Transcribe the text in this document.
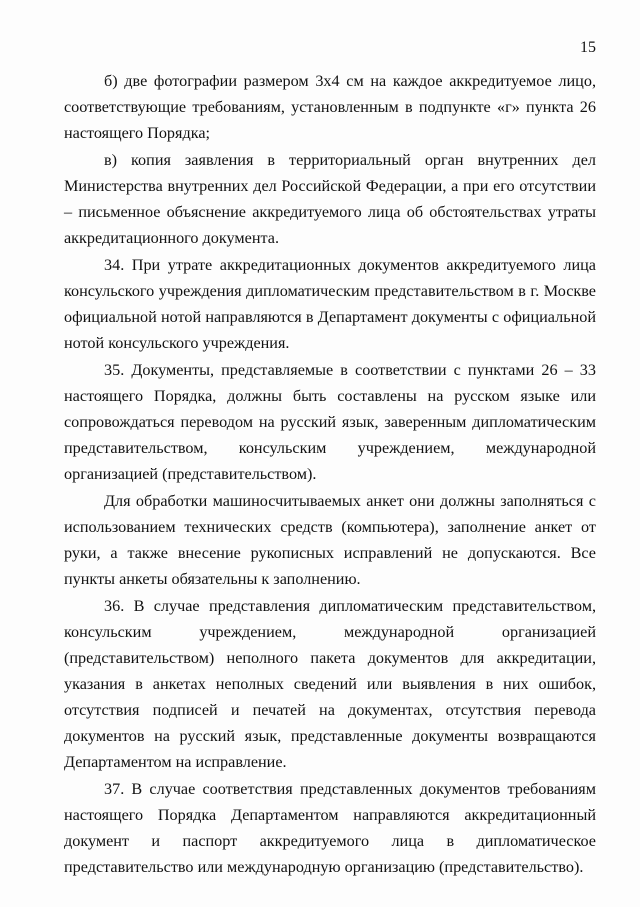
15

б) две фотографии размером 3х4 см на каждое аккредитуемое лицо, соответствующие требованиям, установленным в подпункте «г» пункта 26 настоящего Порядка;

в) копия заявления в территориальный орган внутренних дел Министерства внутренних дел Российской Федерации, а при его отсутствии – письменное объяснение аккредитуемого лица об обстоятельствах утраты аккредитационного документа.

34. При утрате аккредитационных документов аккредитуемого лица консульского учреждения дипломатическим представительством в г. Москве официальной нотой направляются в Департамент документы с официальной нотой консульского учреждения.

35. Документы, представляемые в соответствии с пунктами 26 – 33 настоящего Порядка, должны быть составлены на русском языке или сопровождаться переводом на русский язык, заверенным дипломатическим представительством, консульским учреждением, международной организацией (представительством).

Для обработки машиносчитываемых анкет они должны заполняться с использованием технических средств (компьютера), заполнение анкет от руки, а также внесение рукописных исправлений не допускаются. Все пункты анкеты обязательны к заполнению.

36. В случае представления дипломатическим представительством, консульским учреждением, международной организацией (представительством) неполного пакета документов для аккредитации, указания в анкетах неполных сведений или выявления в них ошибок, отсутствия подписей и печатей на документах, отсутствия перевода документов на русский язык, представленные документы возвращаются Департаментом на исправление.

37. В случае соответствия представленных документов требованиям настоящего Порядка Департаментом направляются аккредитационный документ и паспорт аккредитуемого лица в дипломатическое представительство или международную организацию (представительство).
